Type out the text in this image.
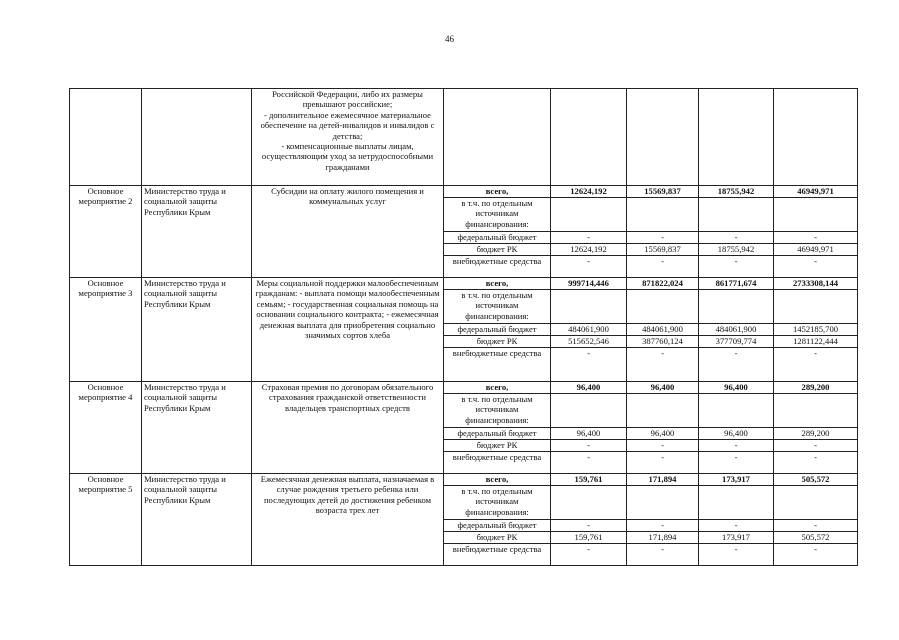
46

		Российской Федерации, либо их размеры превышают российские;
- дополнительное ежемесячное материальное обеспечение на детей-инвалидов и инвалидов с детства;
- компенсационные выплаты лицам, осуществляющим уход за нетрудоспособными гражданами					

Основное мероприятие 2	Министерство труда и социальной защиты Республики Крым	Субсидии на оплату жилого помещения и коммунальных услуг	всего,	12624,192	15569,837	18755,942	46949,971
			в т.ч. по отдельным источникам финансирования:				
			федеральный бюджет	-	-	-	-
			бюджет РК	12624,192	15569,837	18755,942	46949,971
			внебюджетные средства	-	-	-	-
Основное мероприятие 3	Министерство труда и социальной защиты Республики Крым	Меры социальной поддержки малообеспеченным гражданам: - выплата помощи малообеспеченным семьям; - государственная социальная помощь на основании социального контракта; - ежемесячная денежная выплата для приобретения социально значимых сортов хлеба	всего,	999714,446	871822,024	861771,674	2733308,144
			в т.ч. по отдельным источникам финансирования:				
			федеральный бюджет	484061,900	484061,900	484061,900	1452185,700
			бюджет РК	515652,546	387760,124	377709,774	1281122,444
			внебюджетные средства	-	-	-	-
Основное мероприятие 4	Министерство труда и социальной защиты Республики Крым	Страховая премия по договорам обязательного страхования гражданской ответственности владельцев транспортных средств	всего,	96,400	96,400	96,400	289,200
			в т.ч. по отдельным источникам финансирования:				
			федеральный бюджет	96,400	96,400	96,400	289,200
			бюджет РК	-	-	-	-
			внебюджетные средства	-	-	-	-
Основное мероприятие 5	Министерство труда и социальной защиты Республики Крым	Ежемесячная денежная выплата, назначаемая в случае рождения третьего ребенка или последующих детей до достижения ребенком возраста трех лет	всего,	159,761	171,894	173,917	505,572
			в т.ч. по отдельным источникам финансирования:				
			федеральный бюджет	-	-	-	-
			бюджет РК	159,761	171,894	173,917	505,572
			внебюджетные средства	-	-	-	-
